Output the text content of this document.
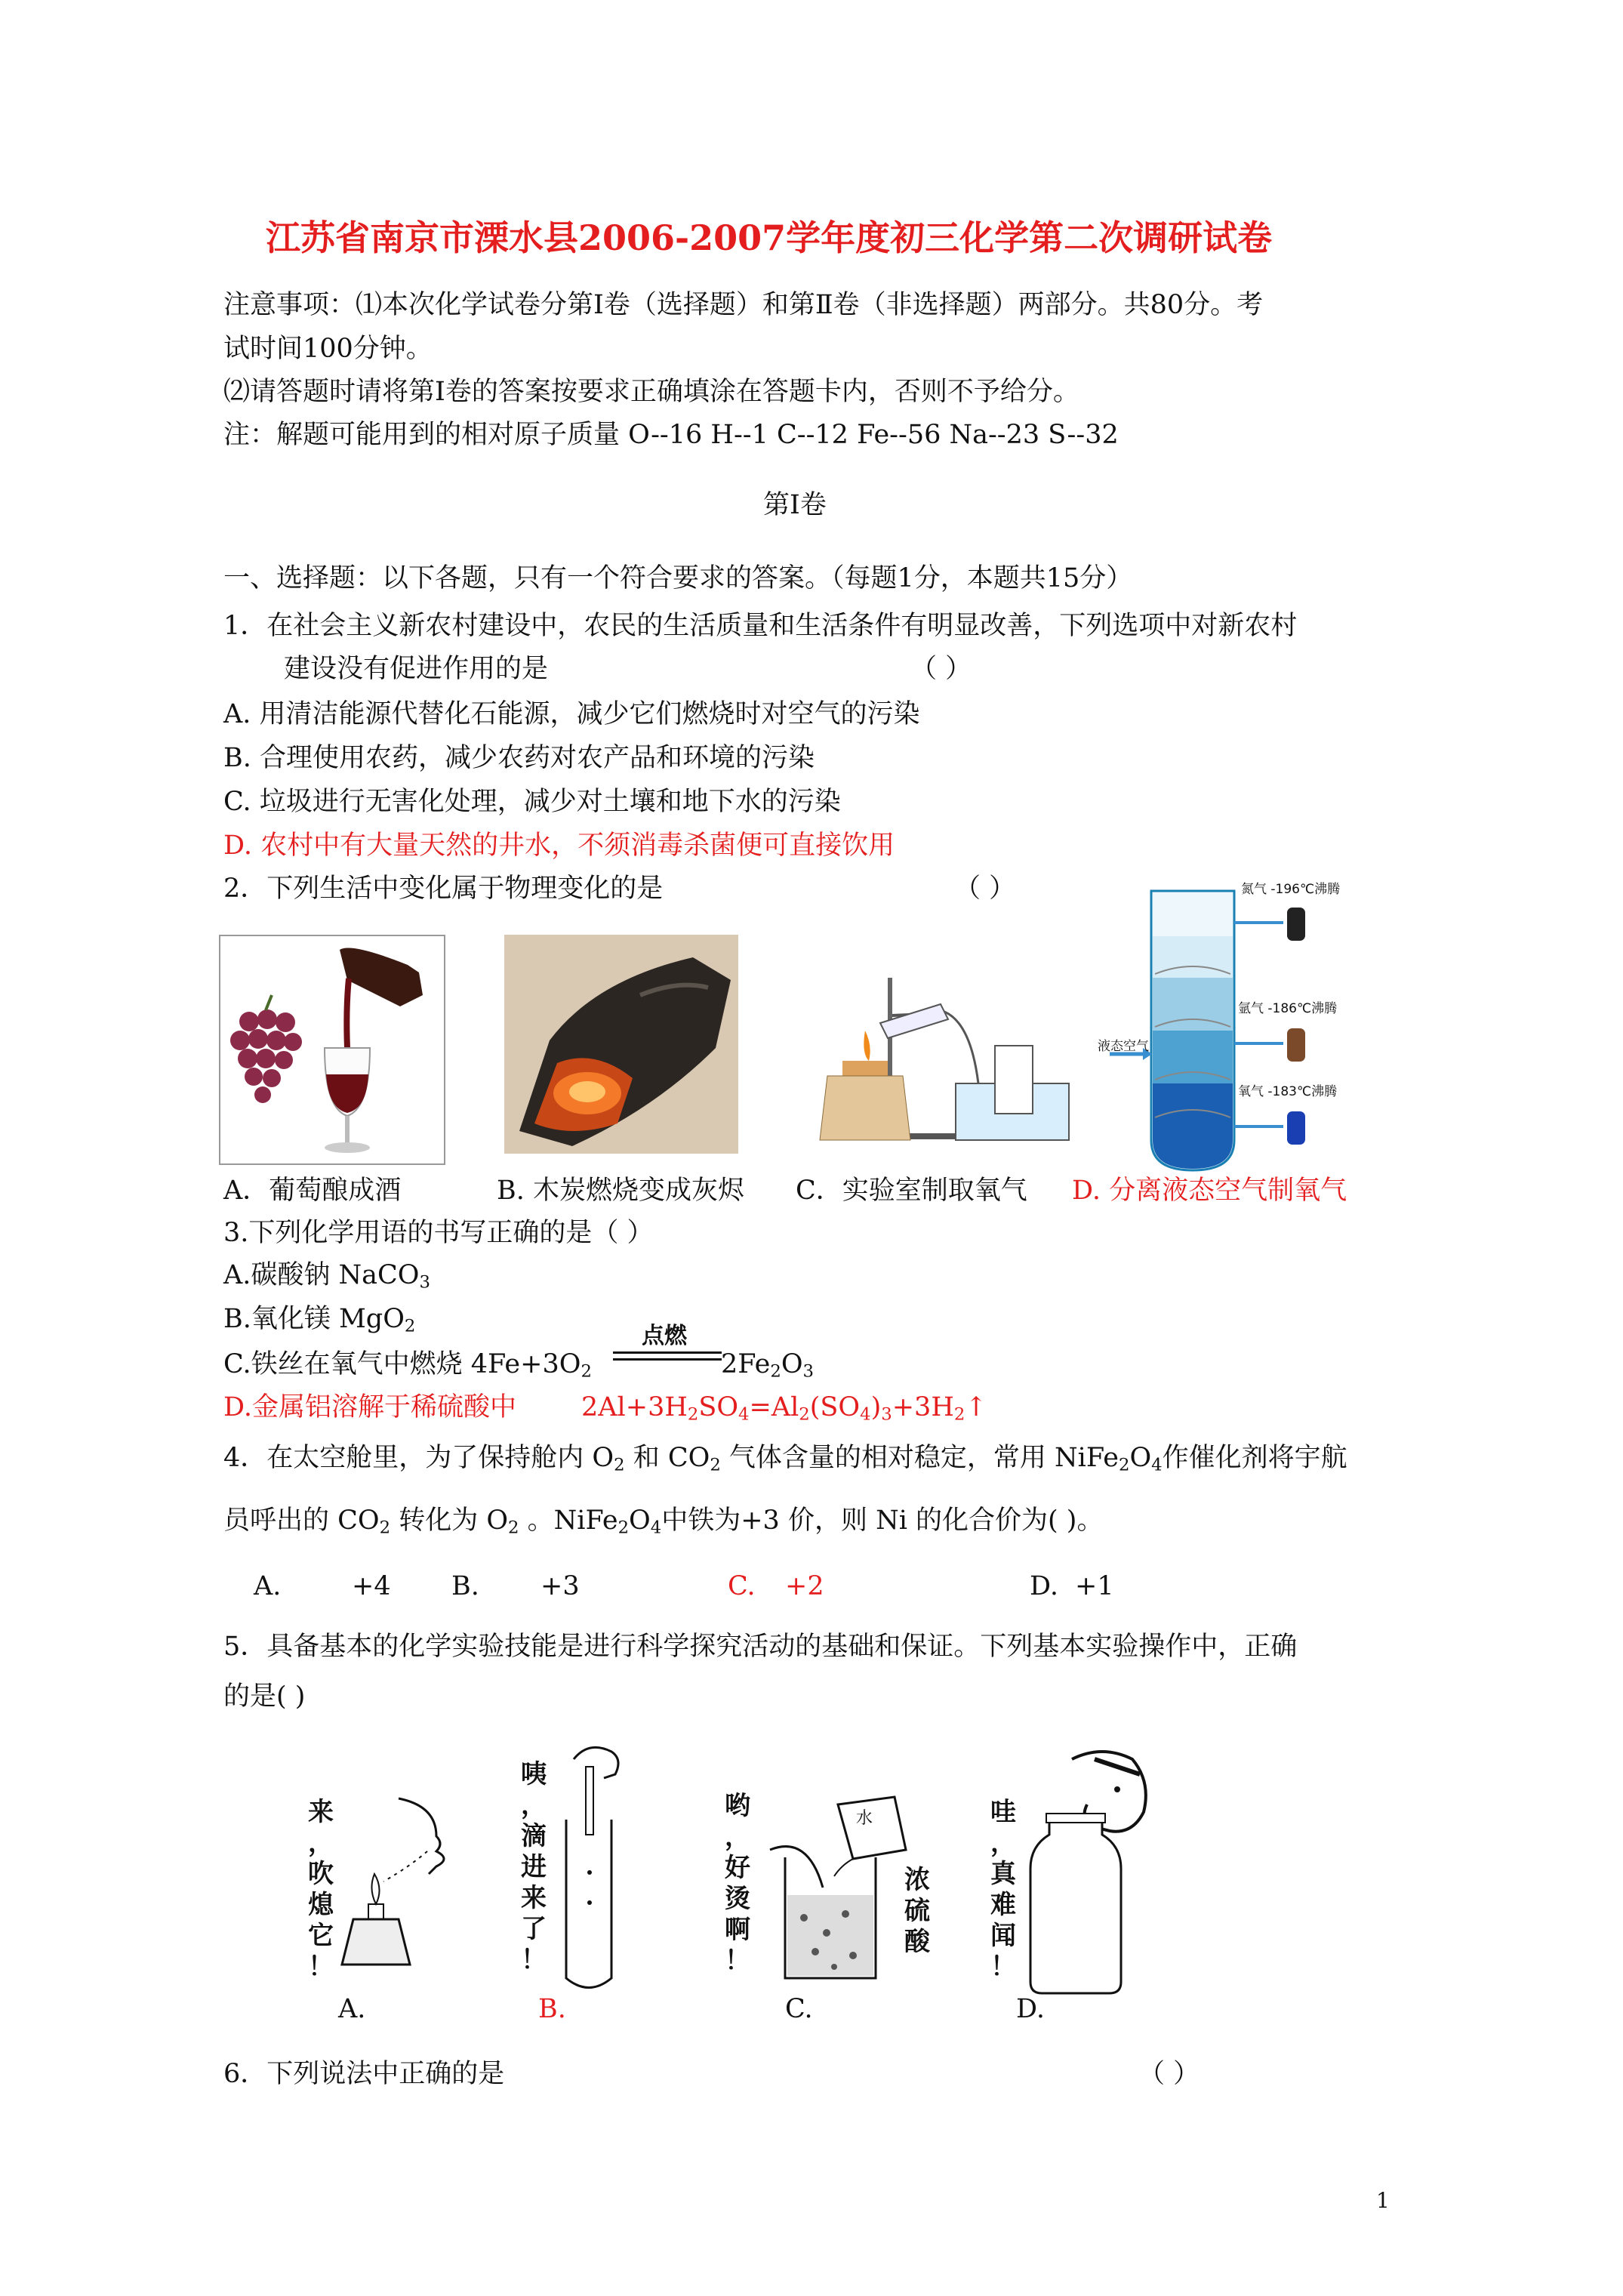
江苏省南京市溧水县2006-2007学年度初三化学第二次调研试卷
注意事项：⑴本次化学试卷分第Ⅰ卷（选择题）和第Ⅱ卷（非选择题）两部分。共80分。考
试时间100分钟。
⑵请答题时请将第Ⅰ卷的答案按要求正确填涂在答题卡内，否则不予给分。
注：解题可能用到的相对原子质量 O--16 H--1 C--12 Fe--56 Na--23 S--32
第Ⅰ卷
一、选择题：以下各题，只有一个符合要求的答案。（每题1分，本题共15分）
1．在社会主义新农村建设中，农民的生活质量和生活条件有明显改善，下列选项中对新农村
建设没有促进作用的是	（ ）
A. 用清洁能源代替化石能源，减少它们燃烧时对空气的污染
B. 合理使用农药，减少农药对农产品和环境的污染
C. 垃圾进行无害化处理，减少对土壤和地下水的污染
D. 农村中有大量天然的井水，不须消毒杀菌便可直接饮用
2．下列生活中变化属于物理变化的是	（ ）	氮气 -196℃沸腾
氩气 -186℃沸腾
氧气 -183℃沸腾
液态空气
A．葡萄酿成酒	B. 木炭燃烧变成灰烬 C．实验室制取氧气 D. 分离液态空气制氧气
3.下列化学用语的书写正确的是（ ）
A.碳酸钠 NaCO$_3$
B.氧化镁 MgO$_2$
C.铁丝在氧气中燃烧 $4Fe+3O_2$
点燃
$2Fe_2O_3$
D.金属铝溶解于稀硫酸中 $2Al+3H_2SO_4=Al_2(SO_4)_3+3H_2↑$
4．在太空舱里，为了保持舱内 $O_2$ 和 $CO_2$ 气体含量的相对稳定，常用 $NiFe_2O_4$作催化剂将宇航
员呼出的 $CO_2$ 转化为 $O_2$ 。$NiFe_2O_4$中铁为+3 价，则 Ni 的化合价为( )。
A.	+4 B. +3	C. +2	D. +1
5．具备基本的化学实验技能是进行科学探究活动的基础和保证。下列基本实验操作中，正确
的是( )
来
，
吹
熄
它
！
咦
，
滴
进
来
了
！
哟
，
好
烫
啊
！
水
浓
硫
酸
哇
，
真
难
闻
！
A.	B.	C.	D.
6．下列说法中正确的是	（ ）
1
